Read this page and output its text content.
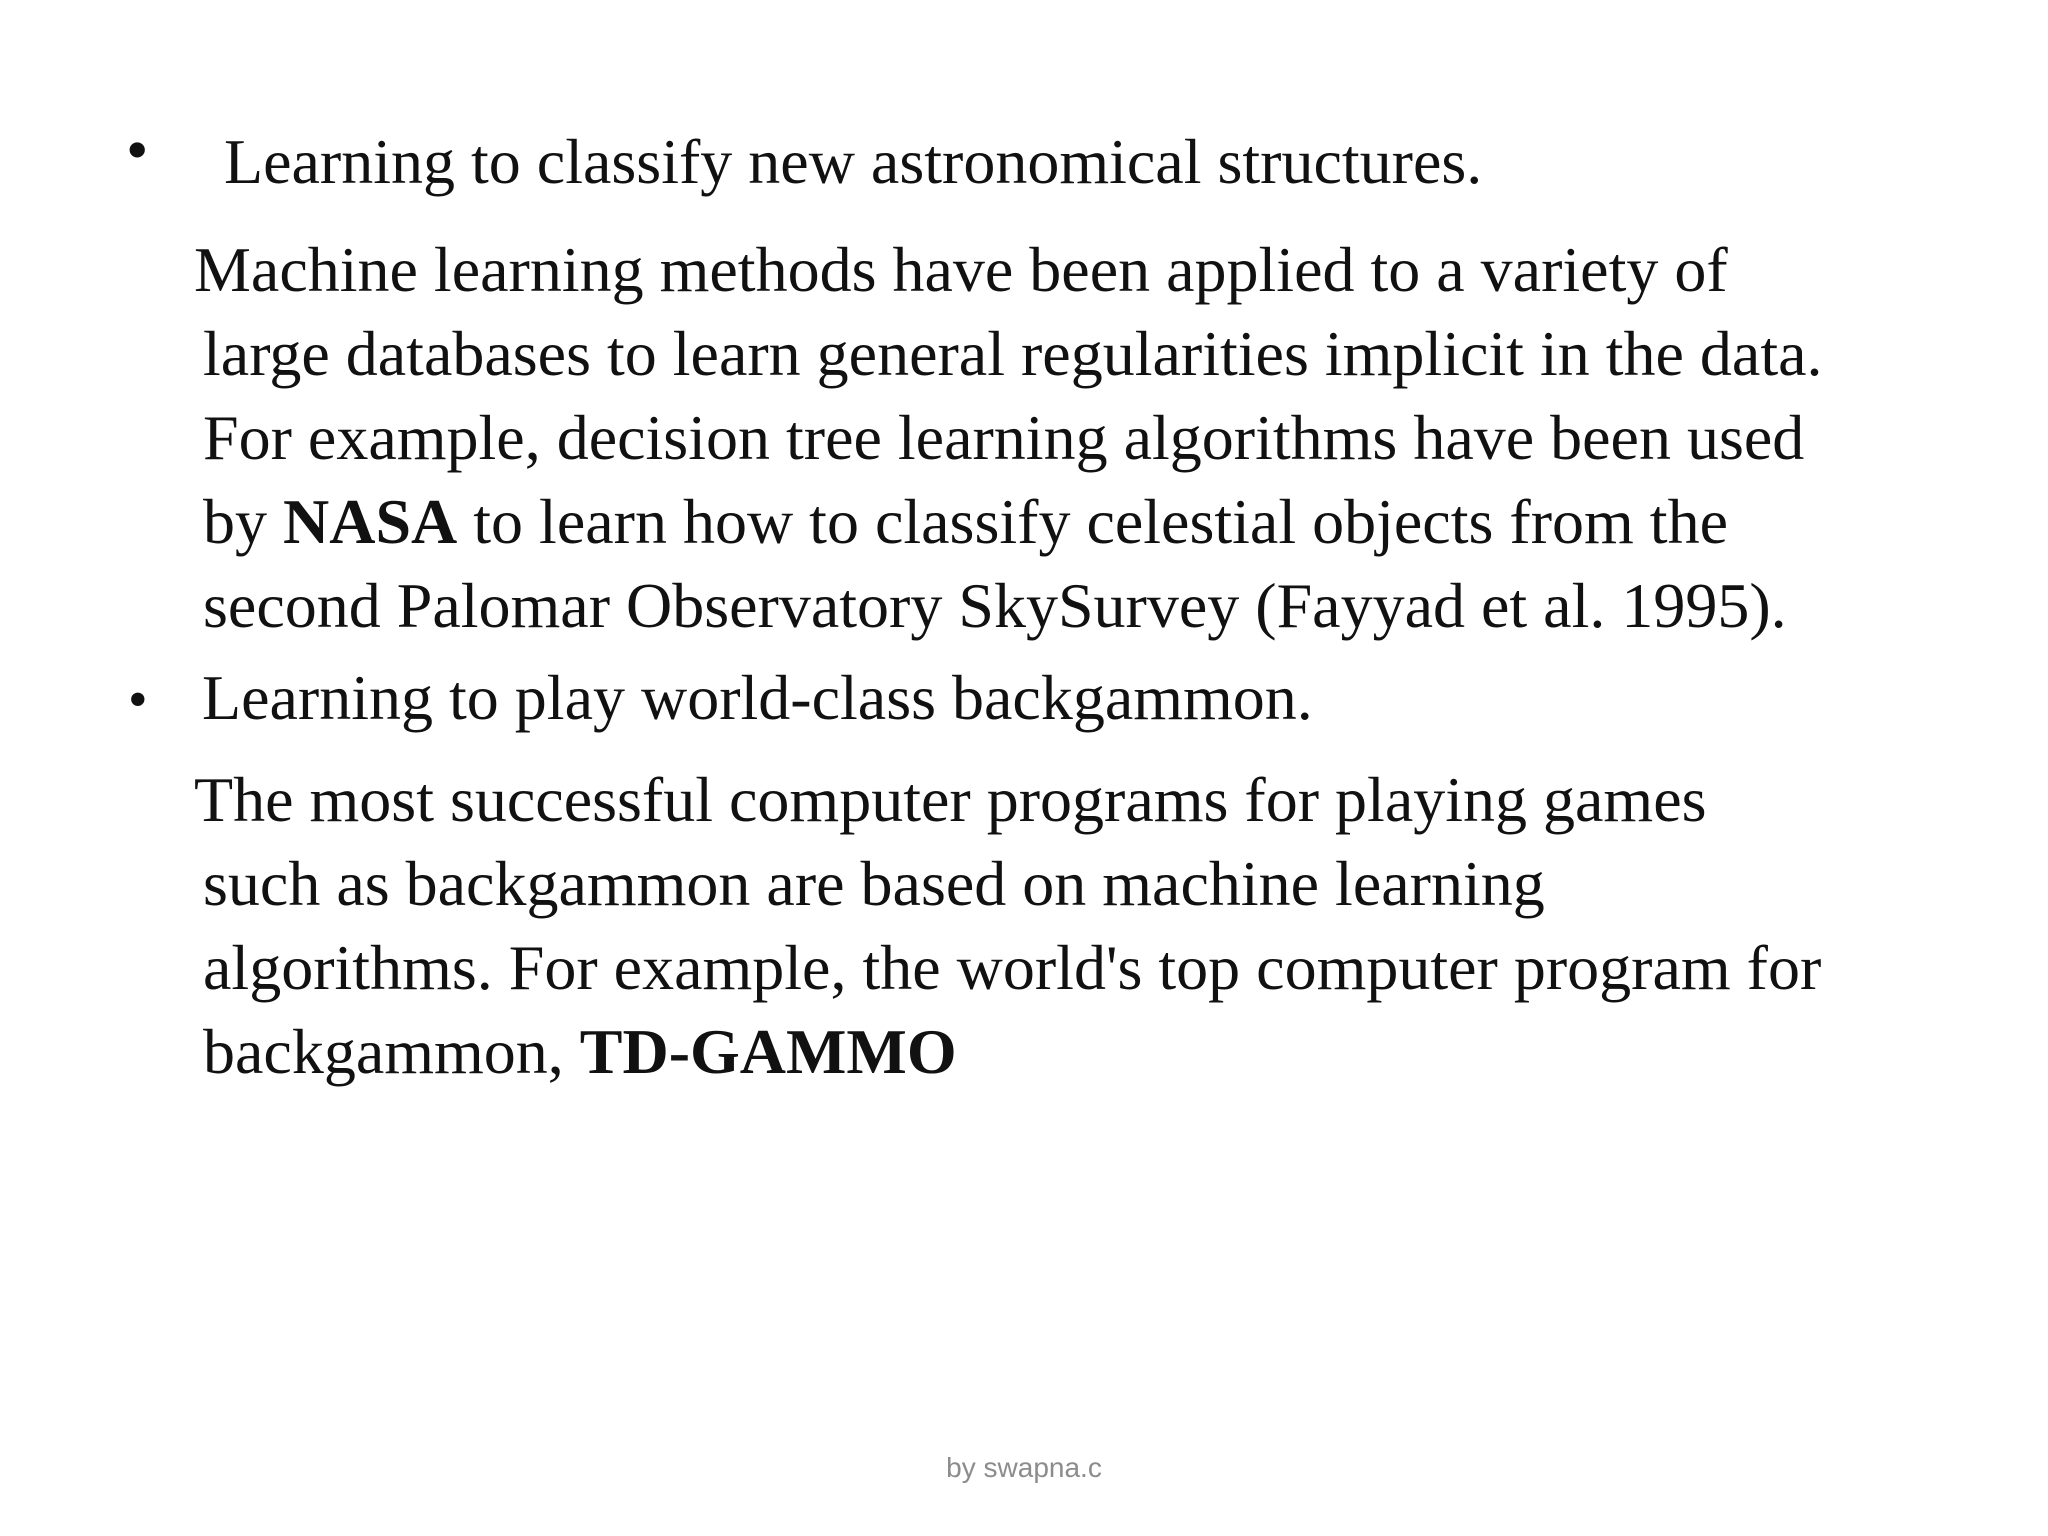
• Learning to classify new astronomical structures.
Machine learning methods have been applied to a variety of
large databases to learn general regularities implicit in the data.
For example, decision tree learning algorithms have been used
by NASA to learn how to classify celestial objects from the
second Palomar Observatory SkySurvey (Fayyad et al. 1995).
• Learning to play world-class backgammon.
The most successful computer programs for playing games
such as backgammon are based on machine learning
algorithms. For example, the world's top computer program for
backgammon, TD-GAMMO
by swapna.c
